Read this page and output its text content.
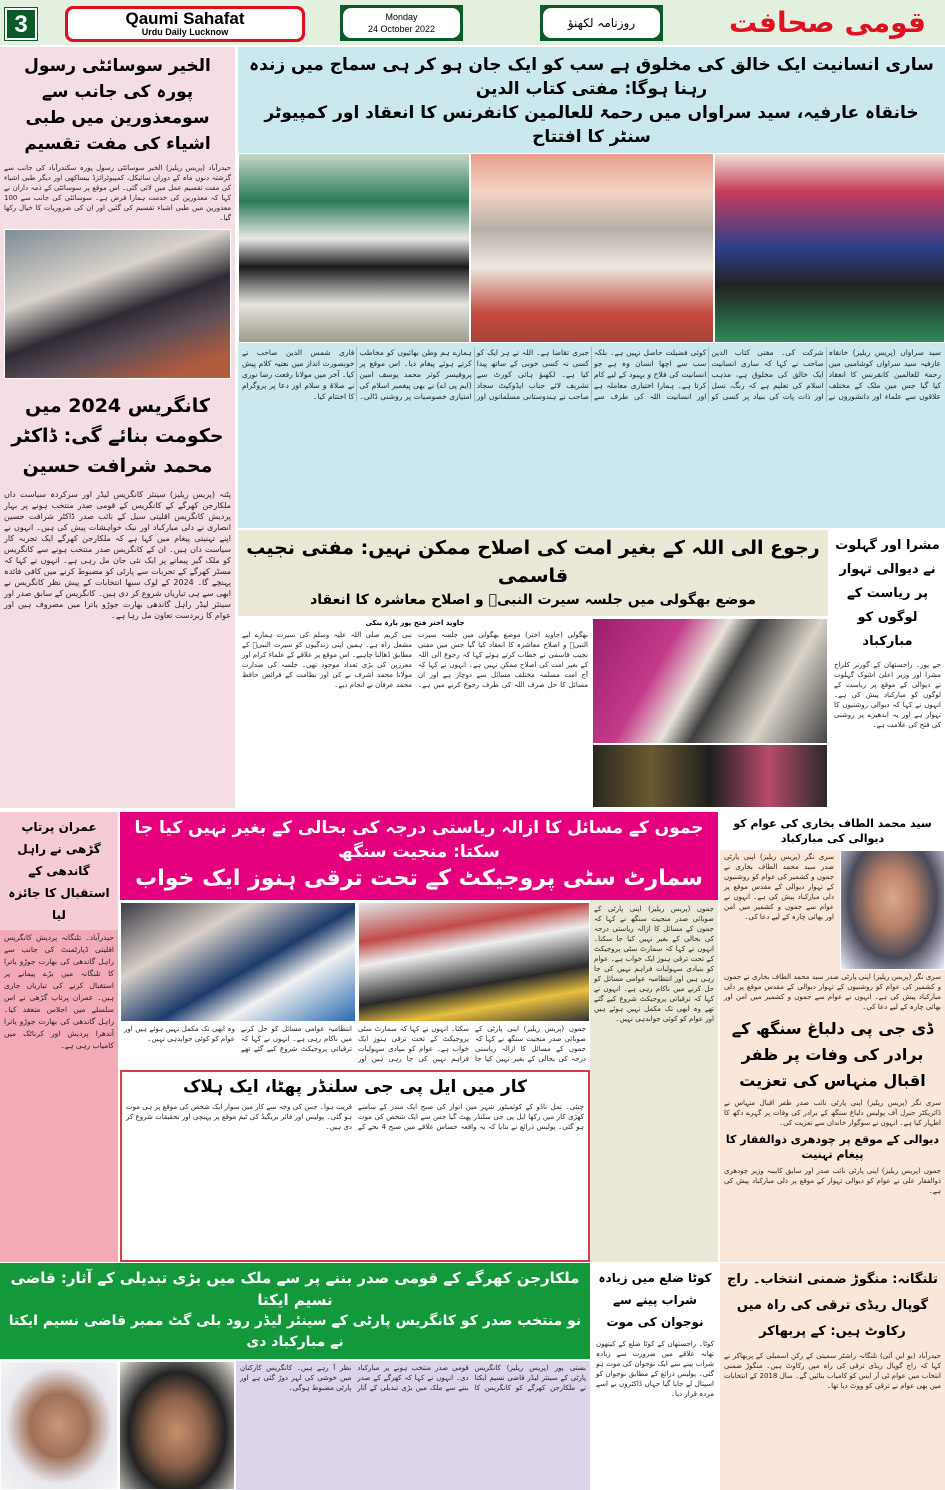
3	Qaumi Sahafat
Urdu Daily Lucknow
Monday
24 October 2022	روزنامہ لکھنؤ	قومی صحافت
الخیر سوسائٹی رسول پورہ کی جانب سے سومعذورین میں طبی اشیاء کی مفت تقسیم
حیدرآباد (پریس ریلیز) الخیر سوسائٹی رسول پورہ سکندرآباد کی جانب سے گزشتہ دنوں ماہ کے دوران سائیکل، کمپیوٹرائزڈ بیساکھی اور دیگر طبی اشیاء کی مفت تقسیم عمل میں لائی گئی۔ اس موقع پر سوسائٹی کے ذمہ داران نے کہا کہ معذورین کی خدمت ہمارا فرض ہے۔ سوسائٹی کی جانب سے 100 معذورین میں طبی اشیاء تقسیم کی گئیں اور ان کی ضروریات کا خیال رکھا گیا۔
کانگریس 2024 میں حکومت بنائے گی: ڈاکٹر محمد شرافت حسین
پٹنہ (پریس ریلیز) سینئر کانگریس لیڈر اور سرکردہ سیاست داں ملکارجن کھرگے کے کانگریس کے قومی صدر منتخب ہونے پر بہار پردیش کانگریس اقلیتی سیل کے نائب صدر ڈاکٹر شرافت حسین انصاری نے دلی مبارکباد اور نیک خواہشات پیش کی ہیں۔ انہوں نے اپنے تہنیتی پیغام میں کہا ہے کہ ملکارجن کھرگے ایک تجربہ کار سیاست داں ہیں۔ ان کے کانگریس صدر منتخب ہونے سے کانگریس کو ملک گیر پیمانے پر ایک نئی جان مل رہی ہے۔ انہوں نے کہا کہ مسٹر کھرگے کے تجربات سے پارٹی کو مضبوط کرنے میں کافی فائدہ پہنچے گا۔ 2024 کے لوک سبھا انتخابات کے پیش نظر کانگریس نے ابھی سے ہی تیاریاں شروع کر دی ہیں۔ کانگریس کے سابق صدر اور سینئر لیڈر راہل گاندھی بھارت جوڑو یاترا میں مصروف ہیں اور عوام کا زبردست تعاون مل رہا ہے۔
ساری انسانیت ایک خالق کی مخلوق ہے سب کو ایک جان ہو کر ہی سماج میں زندہ رہنا ہوگا: مفتی کتاب الدین
خانقاہ عارفیہ، سید سراواں میں رحمۃ للعالمین کانفرنس کا انعقاد اور کمپیوٹر سنٹر کا افتتاح
سید سراواں (پریس ریلیز) خانقاہ عارفیہ سید سراواں کوشامبی میں رحمۃ للعالمین کانفرنس کا انعقاد کیا گیا جس میں ملک کے مختلف علاقوں سے علماء اور دانشوروں نے شرکت کی۔ مفتی کتاب الدین صاحب نے کہا کہ ساری انسانیت ایک خالق کی مخلوق ہے، مذہب اسلام کی تعلیم ہے کہ رنگ، نسل اور ذات پات کی بنیاد پر کسی کو کوئی فضیلت حاصل نہیں ہے۔ بلکہ سب سے اچھا انسان وہ ہے جو انسانیت کی فلاح و بہبود کے لیے کام کرتا ہے۔ ہمارا اختیاری معاملہ ہے اور انسانیت اللہ کی طرف سے جبری تقاضا ہے۔ اللہ نے ہر ایک کو کسی نہ کسی خوبی کے ساتھ پیدا کیا ہے۔ لکھنؤ ہائی کورٹ سے تشریف لائے جناب ایڈوکیٹ سجاد صاحب نے ہندوستانی مسلمانوں اور ہمارے ہم وطن بھائیوں کو مخاطب کرتے ہوئے پیغام دیا۔ اس موقع پر پروفیسر کوثر محمد یوسف امین (ایم پی اے) نے بھی پیغمبر اسلام کی امتیازی خصوصیات پر روشنی ڈالی۔ قاری شمس الدین صاحب نے خوبصورت انداز میں نعتیہ کلام پیش کیا۔ آخر میں مولانا رفعت رضا نوری نے صلاۃ و سلام اور دعا پر پروگرام کا اختتام کیا۔
رجوع الی اللہ کے بغیر امت کی اصلاح ممکن نہیں: مفتی نجیب قاسمی
موضع بھگولی میں جلسہ سیرت النبیؐ و اصلاح معاشرہ کا انعقاد
جاوید اختر فتح پور بارہ بنکی
بھگولی (جاوید اختر) موضع بھگولی میں جلسہ سیرت النبیؐ و اصلاح معاشرہ کا انعقاد کیا گیا جس میں مفتی نجیب قاسمی نے خطاب کرتے ہوئے کہا کہ رجوع الی اللہ کے بغیر امت کی اصلاح ممکن نہیں ہے۔ انہوں نے کہا کہ آج امت مسلمہ مختلف مسائل سے دوچار ہے اور ان مسائل کا حل صرف اللہ کی طرف رجوع کرنے میں ہے۔ نبی کریم صلی اللہ علیہ وسلم کی سیرت ہمارے لیے مشعل راہ ہے۔ ہمیں اپنی زندگیوں کو سیرت النبیؐ کے مطابق ڈھالنا چاہیے۔ اس موقع پر علاقے کے علماء کرام اور معززین کی بڑی تعداد موجود تھی۔ جلسہ کی صدارت مولانا محمد اشرف نے کی اور نظامت کے فرائض حافظ محمد عرفان نے انجام دیے۔
مشرا اور گہلوت نے دیوالی تہوار پر ریاست کے لوگوں کو مبارکباد
جے پور۔ راجستھان کے گورنر کلراج مشرا اور وزیر اعلیٰ اشوک گہلوت نے دیوالی کے موقع پر ریاست کے لوگوں کو مبارکباد پیش کی ہے۔ انہوں نے کہا کہ دیوالی روشنیوں کا تہوار ہے اور یہ اندھیرے پر روشنی کی فتح کی علامت ہے۔
عمران پرتاپ گڑھی نے راہل گاندھی کے استقبال کا جائزہ لیا
حیدرآباد۔ تلنگانہ پردیش کانگریس اقلیتی ڈپارٹمنٹ کی جانب سے راہل گاندھی کی بھارت جوڑو یاترا کا تلنگانہ میں بڑے پیمانے پر استقبال کرنے کی تیاریاں جاری ہیں۔ عمران پرتاپ گڑھی نے اس سلسلے میں اجلاس منعقد کیا۔ راہل گاندھی کی بھارت جوڑو یاترا آندھرا پردیش اور کرناٹک میں کامیاب رہی ہے۔
جموں کے مسائل کا ازالہ ریاستی درجہ کی بحالی کے بغیر نہیں کیا جا سکتا: منجیت سنگھ
سمارٹ سٹی پروجیکٹ کے تحت ترقی ہنوز ایک خواب
جموں (پریس ریلیز) اپنی پارٹی کے صوبائی صدر منجیت سنگھ نے کہا کہ جموں کے مسائل کا ازالہ ریاستی درجہ کی بحالی کے بغیر نہیں کیا جا سکتا۔ انہوں نے کہا کہ سمارٹ سٹی پروجیکٹ کے تحت ترقی ہنوز ایک خواب ہے۔ عوام کو بنیادی سہولیات فراہم نہیں کی جا رہی ہیں اور انتظامیہ عوامی مسائل کو حل کرنے میں ناکام رہی ہے۔ انہوں نے کہا کہ ترقیاتی پروجیکٹ شروع کیے گئے تھے وہ ابھی تک مکمل نہیں ہوئے ہیں اور عوام کو کوئی جوابدہی نہیں۔
کار میں ایل پی جی سلنڈر پھٹا، ایک ہلاک
چنئی۔ تمل ناڈو کے کوئمبٹور شہر میں اتوار کی صبح ایک مندر کے سامنے کھڑی کار میں رکھا ایل پی جی سلنڈر پھٹ گیا جس سے ایک شخص کی موت ہو گئی۔ پولیس ذرائع نے بتایا کہ یہ واقعہ حساس علاقے میں صبح 4 بجے کے قریب ہوا۔ جس کی وجہ سے کار میں سوار ایک شخص کی موقع پر ہی موت ہو گئی۔ پولیس اور فائر بریگیڈ کی ٹیم موقع پر پہنچی اور تحقیقات شروع کر دی ہیں۔
جموں (پریس ریلیز) اپنی پارٹی کے صوبائی صدر منجیت سنگھ نے کہا کہ جموں کے مسائل کا ازالہ ریاستی درجہ کی بحالی کے بغیر نہیں کیا جا سکتا۔ انہوں نے کہا کہ سمارٹ سٹی پروجیکٹ کے تحت ترقی ہنوز ایک خواب ہے۔ عوام کو بنیادی سہولیات فراہم نہیں کی جا رہی ہیں اور انتظامیہ عوامی مسائل کو حل کرنے میں ناکام رہی ہے۔ انہوں نے کہا کہ ترقیاتی پروجیکٹ شروع کیے گئے تھے وہ ابھی تک مکمل نہیں ہوئے ہیں اور عوام کو کوئی جوابدہی نہیں۔
سید محمد الطاف بخاری کی عوام کو دیوالی کی مبارکباد
سری نگر (پریس ریلیز) اپنی پارٹی صدر سید محمد الطاف بخاری نے جموں و کشمیر کی عوام کو روشنیوں کے تہوار دیوالی کے مقدس موقع پر دلی مبارکباد پیش کی ہے۔ انہوں نے عوام سے جموں و کشمیر میں امن اور بھائی چارہ کے لیے دعا کی۔
سری نگر (پریس ریلیز) اپنی پارٹی صدر سید محمد الطاف بخاری نے جموں و کشمیر کی عوام کو روشنیوں کے تہوار دیوالی کے مقدس موقع پر دلی مبارکباد پیش کی ہے۔ انہوں نے عوام سے جموں و کشمیر میں امن اور بھائی چارہ کے لیے دعا کی۔
ڈی جی پی دلباغ سنگھ کے برادر کی وفات پر ظفر اقبال منہاس کی تعزیت
سری نگر (پریس ریلیز) اپنی پارٹی نائب صدر ظفر اقبال منہاس نے ڈائریکٹر جنرل آف پولیس دلباغ سنگھ کے برادر کی وفات پر گہرے دکھ کا اظہار کیا ہے۔ انہوں نے سوگوار خاندان سے تعزیت کی۔
دیوالی کے موقع پر چودھری ذوالفقار کا پیغام تہنیت
جموں (پریس ریلیز) اپنی پارٹی نائب صدر اور سابق کابینہ وزیر چودھری ذوالفقار علی نے عوام کو دیوالی تہوار کے موقع پر دلی مبارکباد پیش کی ہے۔
تلنگانہ: منگوڑ ضمنی انتخاب۔ راج گوپال ریڈی ترقی کی راہ میں رکاوٹ ہیں: کے پربھاکر
حیدرآباد (یو این آئی) تلنگانہ راشٹر سمیتی کے رکن اسمبلی کے پربھاکر نے کہا کہ راج گوپال ریڈی ترقی کی راہ میں رکاوٹ ہیں۔ منگوڑ ضمنی انتخاب میں عوام ٹی آر ایس کو کامیاب بنائیں گے۔ سال 2018 کے انتخابات میں بھی عوام نے ترقی کو ووٹ دیا تھا۔
ملکارجن کھرگے کے قومی صدر بننے پر سے ملک میں بڑی تبدیلی کے آثار: قاضی نسیم ایکتا
نو منتخب صدر کو کانگریس پارٹی کے سینئر لیڈر رود بلی گٹ ممبر قاضی نسیم ایکتا نے مبارکباد دی
بستی پور (پریس ریلیز) کانگریس پارٹی کے سینئر لیڈر قاضی نسیم ایکتا نے ملکارجن کھرگے کو کانگریس کا قومی صدر منتخب ہونے پر مبارکباد دی۔ انہوں نے کہا کہ کھرگے کے صدر بننے سے ملک میں بڑی تبدیلی کے آثار نظر آ رہے ہیں۔ کانگریس کارکنان میں خوشی کی لہر دوڑ گئی ہے اور پارٹی مضبوط ہوگی۔
کوٹا ضلع میں زیادہ شراب پینے سے نوجوان کی موت
کوٹا۔ راجستھان کے کوٹا ضلع کے کیتھون تھانہ علاقے میں ضرورت سے زیادہ شراب پینے سے ایک نوجوان کی موت ہو گئی۔ پولیس ذرائع کے مطابق نوجوان کو اسپتال لے جایا گیا جہاں ڈاکٹروں نے اسے مردہ قرار دیا۔
